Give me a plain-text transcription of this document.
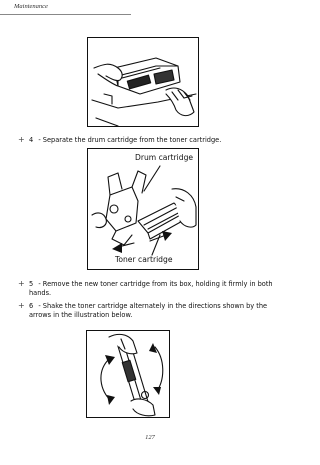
Maintenance
+ 4 - Separate the drum cartridge from the toner cartridge.
Drum cartridge
Toner cartridge
+ 5 - Remove the new toner cartridge from its box, holding it firmly in both hands.
+ 6 - Shake the toner cartridge alternately in the directions shown by the arrows in the illustration below.
127
